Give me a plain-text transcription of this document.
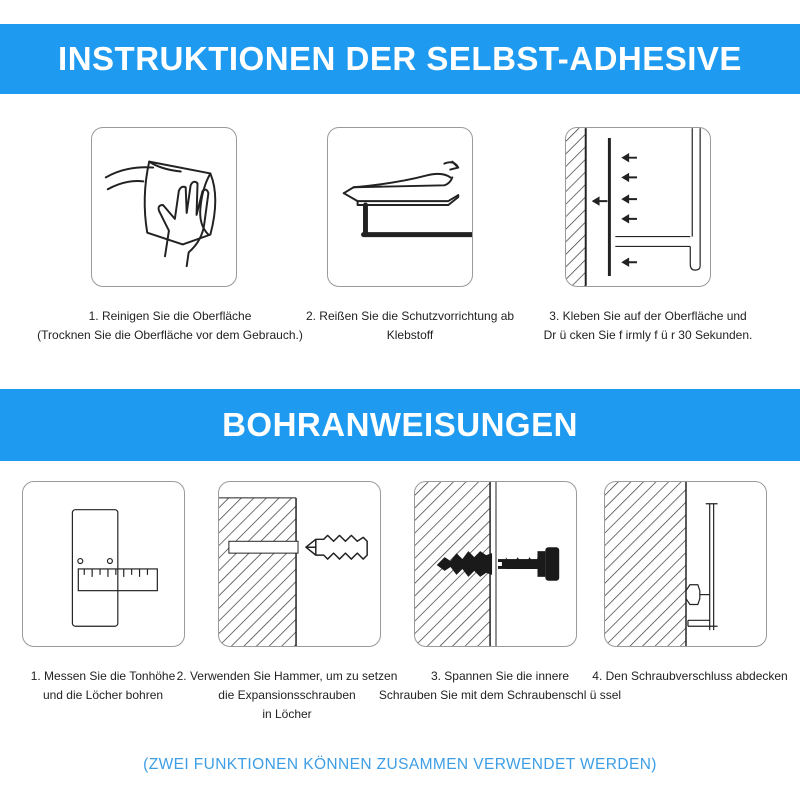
INSTRUKTIONEN DER SELBST-ADHESIVE
1. Reinigen Sie die Oberfläche
(Trocknen Sie die Oberfläche vor dem Gebrauch.)
2. Reißen Sie die Schutzvorrichtung ab
Klebstoff
3. Kleben Sie auf der Oberfläche und
Dr ü cken Sie f irmly f ü r 30 Sekunden.
BOHRANWEISUNGEN
1. Messen Sie die Tonhöhe
und die Löcher bohren
2. Verwenden Sie Hammer, um zu setzen
die Expansionsschrauben
in Löcher
3. Spannen Sie die innere
Schrauben Sie mit dem Schraubenschl ü ssel
4. Den Schraubverschluss abdecken
(ZWEI FUNKTIONEN KÖNNEN ZUSAMMEN VERWENDET WERDEN)
